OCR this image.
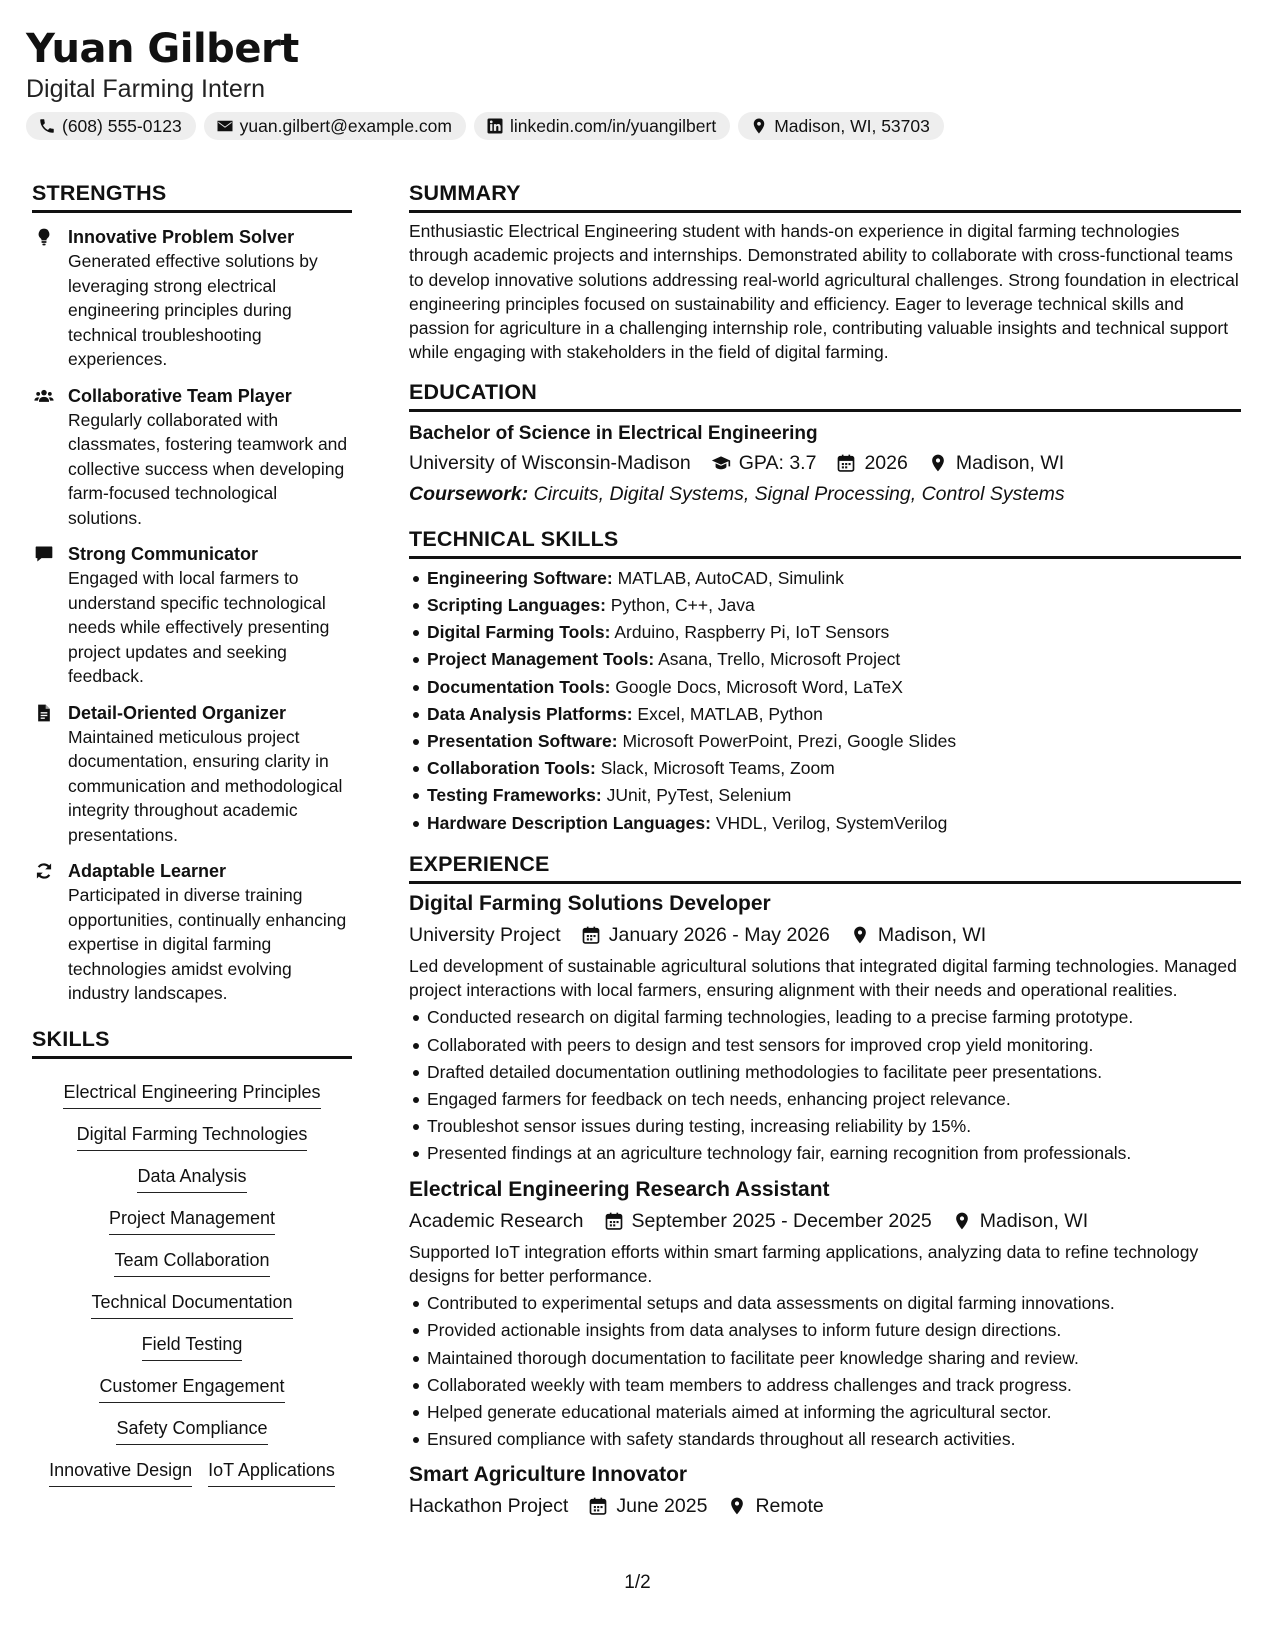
Yuan Gilbert
Digital Farming Intern
(608) 555-0123	yuan.gilbert@example.com	linkedin.com/in/yuangilbert	Madison, WI, 53703
STRENGTHS
Innovative Problem Solver
Generated effective solutions by leveraging strong electrical engineering principles during technical troubleshooting experiences.
Collaborative Team Player
Regularly collaborated with classmates, fostering teamwork and collective success when developing farm-focused technological solutions.
Strong Communicator
Engaged with local farmers to understand specific technological needs while effectively presenting project updates and seeking feedback.
Detail-Oriented Organizer
Maintained meticulous project documentation, ensuring clarity in communication and methodological integrity throughout academic presentations.
Adaptable Learner
Participated in diverse training opportunities, continually enhancing expertise in digital farming technologies amidst evolving industry landscapes.
SKILLS
Electrical Engineering Principles
Digital Farming Technologies
Data Analysis
Project Management
Team Collaboration
Technical Documentation
Field Testing
Customer Engagement
Safety Compliance
Innovative Design IoT Applications
SUMMARY
Enthusiastic Electrical Engineering student with hands-on experience in digital farming technologies through academic projects and internships. Demonstrated ability to collaborate with cross-functional teams to develop innovative solutions addressing real-world agricultural challenges. Strong foundation in electrical engineering principles focused on sustainability and efficiency. Eager to leverage technical skills and passion for agriculture in a challenging internship role, contributing valuable insights and technical support while engaging with stakeholders in the field of digital farming.
EDUCATION
Bachelor of Science in Electrical Engineering
University of Wisconsin-Madison GPA: 3.7 2026 Madison, WI
Coursework: Circuits, Digital Systems, Signal Processing, Control Systems
TECHNICAL SKILLS
Engineering Software: MATLAB, AutoCAD, Simulink
Scripting Languages: Python, C++, Java
Digital Farming Tools: Arduino, Raspberry Pi, IoT Sensors
Project Management Tools: Asana, Trello, Microsoft Project
Documentation Tools: Google Docs, Microsoft Word, LaTeX
Data Analysis Platforms: Excel, MATLAB, Python
Presentation Software: Microsoft PowerPoint, Prezi, Google Slides
Collaboration Tools: Slack, Microsoft Teams, Zoom
Testing Frameworks: JUnit, PyTest, Selenium
Hardware Description Languages: VHDL, Verilog, SystemVerilog
EXPERIENCE
Digital Farming Solutions Developer
University Project January 2026 - May 2026 Madison, WI
Led development of sustainable agricultural solutions that integrated digital farming technologies. Managed project interactions with local farmers, ensuring alignment with their needs and operational realities.
Conducted research on digital farming technologies, leading to a precise farming prototype.
Collaborated with peers to design and test sensors for improved crop yield monitoring.
Drafted detailed documentation outlining methodologies to facilitate peer presentations.
Engaged farmers for feedback on tech needs, enhancing project relevance.
Troubleshot sensor issues during testing, increasing reliability by 15%.
Presented findings at an agriculture technology fair, earning recognition from professionals.
Electrical Engineering Research Assistant
Academic Research September 2025 - December 2025 Madison, WI
Supported IoT integration efforts within smart farming applications, analyzing data to refine technology designs for better performance.
Contributed to experimental setups and data assessments on digital farming innovations.
Provided actionable insights from data analyses to inform future design directions.
Maintained thorough documentation to facilitate peer knowledge sharing and review.
Collaborated weekly with team members to address challenges and track progress.
Helped generate educational materials aimed at informing the agricultural sector.
Ensured compliance with safety standards throughout all research activities.
Smart Agriculture Innovator
Hackathon Project June 2025 Remote
1/2
